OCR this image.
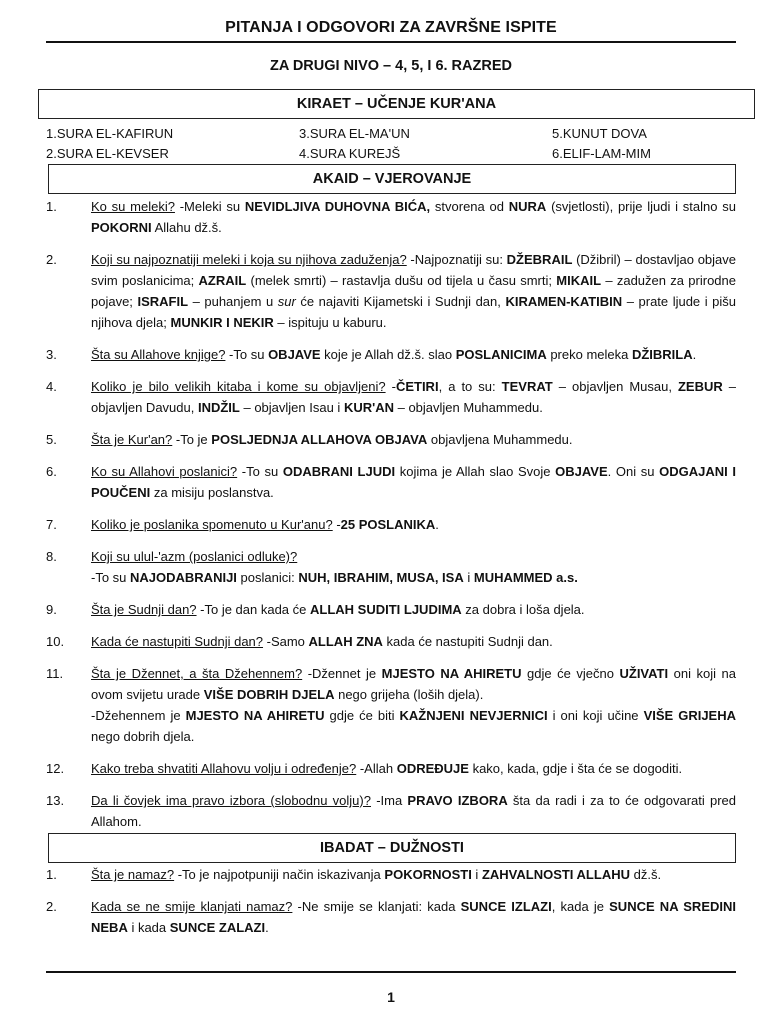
PITANJA I ODGOVORI ZA ZAVRŠNE ISPITE
ZA DRUGI NIVO – 4, 5, I 6. RAZRED
KIRAET – UČENJE KUR'ANA
1.SURA EL-KAFIRUN	3.SURA EL-MA'UN	5.KUNUT DOVA
2.SURA EL-KEVSER	4.SURA KUREJŠ	6.ELIF-LAM-MIM
AKAID – VJEROVANJE
1.	Ko su meleki? -Meleki su NEVIDLJIVA DUHOVNA BIĆA, stvorena od NURA (svjetlosti), prije ljudi i stalno su POKORNI Allahu dž.š.
2.	Koji su najpoznatiji meleki i koja su njihova zaduženja? -Najpoznatiji su: DŽEBRAIL (Džibril) – dostavljao objave svim poslanicima; AZRAIL (melek smrti) – rastavlja dušu od tijela u času smrti; MIKAIL – zadužen za prirodne pojave; ISRAFIL – puhanjem u sur će najaviti Kijametski i Sudnji dan, KIRAMEN-KATIBIN – prate ljude i pišu njihova djela; MUNKIR I NEKIR – ispituju u kaburu.
3.	Šta su Allahove knjige? -To su OBJAVE koje je Allah dž.š. slao POSLANICIMA preko meleka DŽIBRILA.
4.	Koliko je bilo velikih kitaba i kome su objavljeni? -ČETIRI, a to su: TEVRAT – objavljen Musau, ZEBUR – objavljen Davudu, INDŽIL – objavljen Isau i KUR'AN – objavljen Muhammedu.
5.	Šta je Kur'an? -To je POSLJEDNJA ALLAHOVA OBJAVA objavljena Muhammedu.
6.	Ko su Allahovi poslanici? -To su ODABRANI LJUDI kojima je Allah slao Svoje OBJAVE. Oni su ODGAJANI I POUČENI za misiju poslanstva.
7.	Koliko je poslanika spomenuto u Kur'anu? -25 POSLANIKA.
8.	Koji su ulul-'azm (poslanici odluke)?
-To su NAJODABRANIJI poslanici: NUH, IBRAHIM, MUSA, ISA i MUHAMMED a.s.
9.	Šta je Sudnji dan? -To je dan kada će ALLAH SUDITI LJUDIMA za dobra i loša djela.
10.	Kada će nastupiti Sudnji dan? -Samo ALLAH ZNA kada će nastupiti Sudnji dan.
11.	Šta je Džennet, a šta Džehennem? -Džennet je MJESTO NA AHIRETU gdje će vječno UŽIVATI oni koji na ovom svijetu urade VIŠE DOBRIH DJELA nego grijeha (loših djela).
-Džehennem je MJESTO NA AHIRETU gdje će biti KAŽNJENI NEVJERNICI i oni koji učine VIŠE GRIJEHA nego dobrih djela.
12.	Kako treba shvatiti Allahovu volju i određenje? -Allah ODREĐUJE kako, kada, gdje i šta će se dogoditi.
13.	Da li čovjek ima pravo izbora (slobodnu volju)? -Ima PRAVO IZBORA šta da radi i za to će odgovarati pred Allahom.
IBADAT – DUŽNOSTI
1.	Šta je namaz? -To je najpotpuniji način iskazivanja POKORNOSTI i ZAHVALNOSTI ALLAHU dž.š.
2.	Kada se ne smije klanjati namaz? -Ne smije se klanjati: kada SUNCE IZLAZI, kada je SUNCE NA SREDINI NEBA i kada SUNCE ZALAZI.
1
